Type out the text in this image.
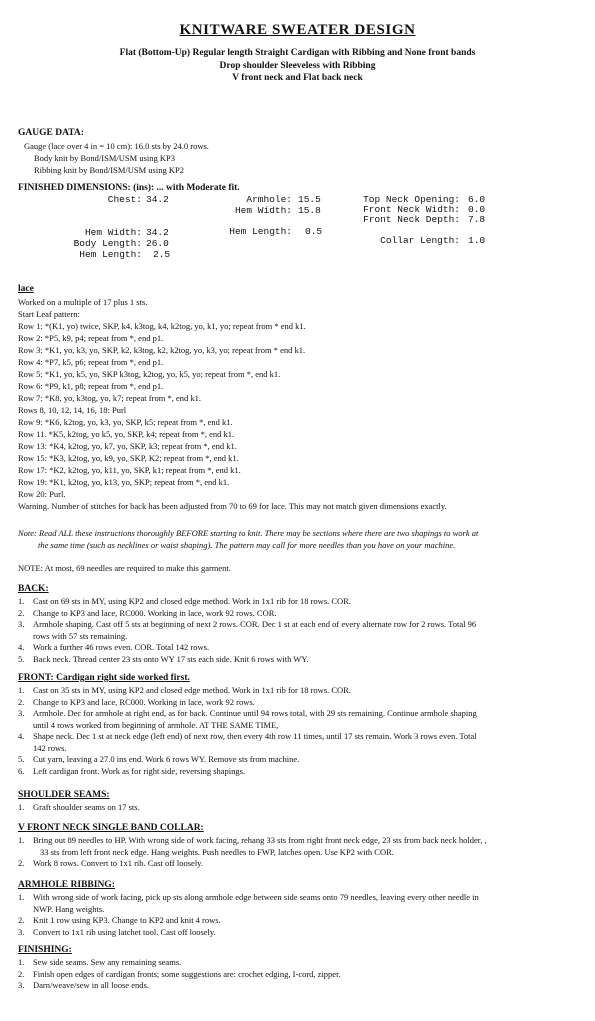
KNITWARE SWEATER DESIGN
Flat (Bottom-Up) Regular length Straight Cardigan with Ribbing and None front bands
Drop shoulder Sleeveless with Ribbing
V front neck and Flat back neck
GAUGE DATA:
Gauge (lace over 4 in = 10 cm): 16.0 sts by 24.0 rows.
Body knit by Bond/ISM/USM using KP3
Ribbing knit by Bond/ISM/USM using KP2
FINISHED DIMENSIONS: (ins): ... with Moderate fit.
Chest: 34.2
Hem Width: 34.2
Body Length: 26.0
Hem Length: 2.5
Armhole: 15.5
Hem Width: 15.8
Hem Length: 0.5
Top Neck Opening: 6.0
Front Neck Width: 0.0
Front Neck Depth: 7.8
Collar Length: 1.0
lace
Worked on a multiple of 17 plus 1 sts.
Start Leaf pattern:
Row 1: *(K1, yo) twice, SKP, k4, k3tog, k4, k2tog, yo, k1, yo; repeat from * end k1.
Row 2: *P5, k9, p4; repeat from *, end p1.
Row 3: *K1, yo, k3, yo, SKP, k2, k3tog, k2, k2tog, yo, k3, yo; repeat from * end k1.
Row 4: *P7, k5, p6; repeat from *, end p1.
Row 5: *K1, yo, k5, yo, SKP k3tog, k2tog, yo, k5, yo; repeat from *, end k1.
Row 6: *P9, k1, p8; repeat from *, end p1.
Row 7: *K8, yo, k3tog, yo, k7; repeat from *, end k1.
Rows 8, 10, 12, 14, 16, 18: Purl
Row 9: *K6, k2tog, yo, k3, yo, SKP, k5; repeat from *, end k1.
Row 11. *K5, k2tog, yo k5, yo, SKP, k4; repeat from *, end k1.
Row 13: *K4, k2tog, yo, k7, yo, SKP, k3; repeat from *, end k1.
Row 15: *K3, k2tog, yo, k9, yo, SKP, K2; repeat from *, end k1.
Row 17: *K2, k2tog, yo, k11, yo, SKP, k1; repeat from *, end k1.
Row 19: *K1, k2tog, yo, k13, yo, SKP; repeat from *, end k1.
Row 20: Purl.
Warning. Number of stitches for back has been adjusted from 70 to 69 for lace. This may not match given dimensions exactly.
Note: Read ALL these instructions thoroughly BEFORE starting to knit. There may be sections where there are two shapings to work at
the same time (such as necklines or waist shaping). The pattern may call for more needles than you have on your machine.
NOTE: At most, 69 needles are required to make this garment.
BACK:
1. Cast on 69 sts in MY, using KP2 and closed edge method. Work in 1x1 rib for 18 rows. COR.
2. Change to KP3 and lace, RC000. Working in lace, work 92 rows. COR.
3. Armhole shaping. Cast off 5 sts at beginning of next 2 rows. COR. Dec 1 st at each end of every alternate row for 2 rows. Total 96
rows with 57 sts remaining.
4. Work a further 46 rows even. COR. Total 142 rows.
5. Back neck. Thread center 23 sts onto WY 17 sts each side. Knit 6 rows with WY.
FRONT: Cardigan right side worked first.
1. Cast on 35 sts in MY, using KP2 and closed edge method. Work in 1x1 rib for 18 rows. COR.
2. Change to KP3 and lace, RC000. Working in lace, work 92 rows.
3. Armhole. Dec for armhole at right end, as for back. Continue until 94 rows total, with 29 sts remaining. Continue armhole shaping
until 4 rows worked from beginning of armhole. AT THE SAME TIME,
4. Shape neck. Dec 1 st at neck edge (left end) of next row, then every 4th row 11 times, until 17 sts remain. Work 3 rows even. Total
142 rows.
5. Cut yarn, leaving a 27.0 ins end. Work 6 rows WY. Remove sts from machine.
6. Left cardigan front. Work as for right side, reversing shapings.
SHOULDER SEAMS:
1. Graft shoulder seams on 17 sts.
V FRONT NECK SINGLE BAND COLLAR:
1. Bring out 89 needles to HP. With wrong side of work facing, rehang 33 sts from right front neck edge, 23 sts from back neck holder, ,
33 sts from left front neck edge. Hang weights. Push needles to FWP, latches open. Use KP2 with COR.
2. Work 8 rows. Convert to 1x1 rib. Cast off loosely.
ARMHOLE RIBBING:
1. With wrong side of work facing, pick up sts along armhole edge between side seams onto 79 needles, leaving every other needle in
NWP. Hang weights.
2. Knit 1 row using KP3. Change to KP2 and knit 4 rows.
3. Convert to 1x1 rib using latchet tool. Cast off loosely.
FINISHING:
1. Sew side seams. Sew any remaining seams.
2. Finish open edges of cardigan fronts; some suggestions are: crochet edging, I-cord, zipper.
3. Darn/weave/sew in all loose ends.
